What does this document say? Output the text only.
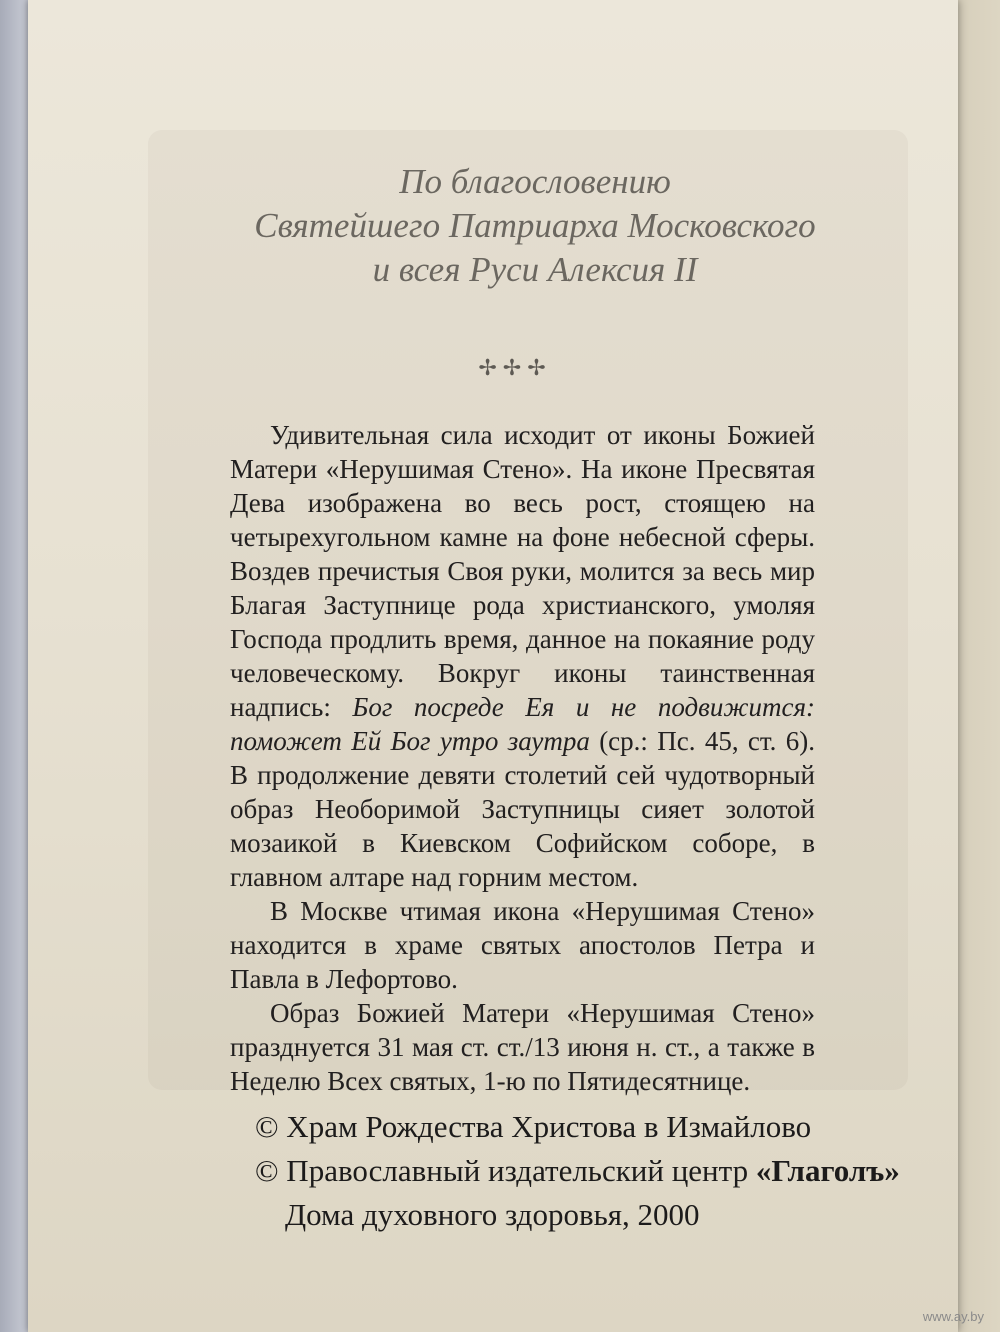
По благословению
Святейшего Патриарха Московского
и всея Руси Алексия II
✢✢✢

Удивительная сила исходит от иконы Божией Матери «Нерушимая Стено». На иконе Пресвятая Дева изображена во весь рост, стоящею на четырехугольном камне на фоне небесной сферы. Воздев пречистыя Своя руки, молится за весь мир Благая Заступнице рода христианского, умоляя Господа продлить время, данное на покаяние роду человеческому. Вокруг иконы таинственная надпись: Бог посреде Ея и не подвижится: поможет Ей Бог утро заутра (ср.: Пс. 45, ст. 6). В продолжение девяти столетий сей чудотворный образ Необоримой Заступницы сияет золотой мозаикой в Киевском Софийском соборе, в главном алтаре над горним местом.

В Москве чтимая икона «Нерушимая Стено» находится в храме святых апостолов Петра и Павла в Лефортово.

Образ Божией Матери «Нерушимая Стено» празднуется 31 мая ст. ст./13 июня н. ст., а также в Неделю Всех святых, 1-ю по Пятидесятнице.

© Храм Рождества Христова в Измайлово
© Православный издательский центр «Глаголъ»
Дома духовного здоровья, 2000
www.ay.by
